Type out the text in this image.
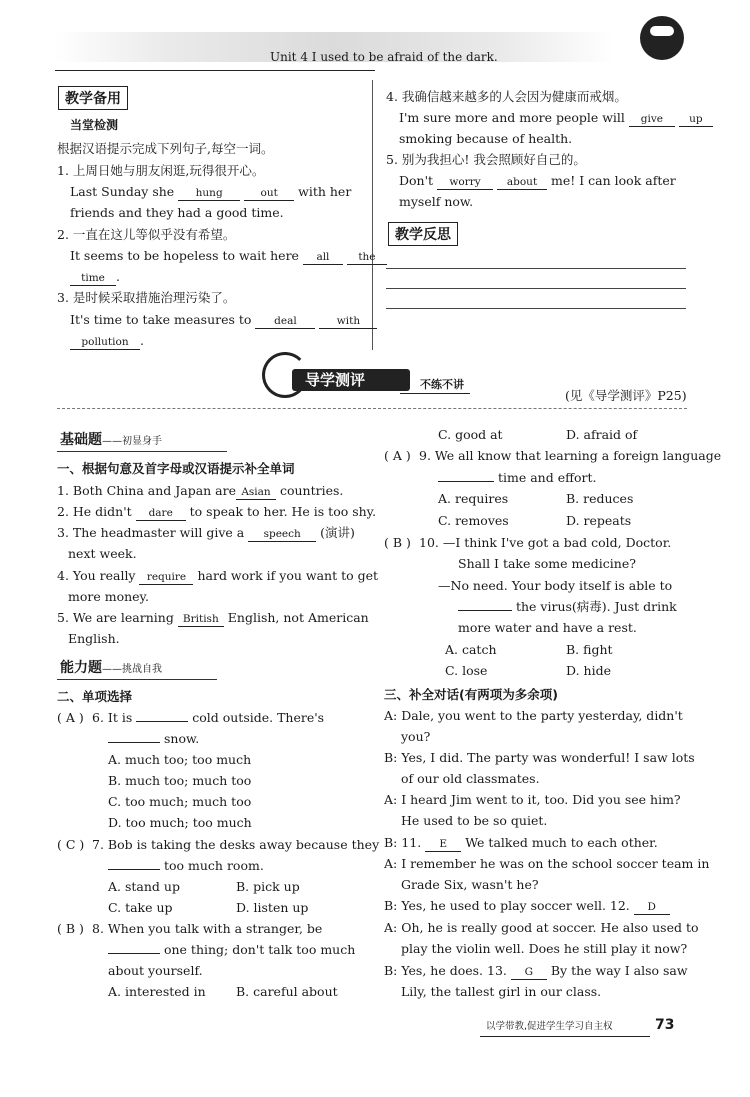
Unit 4 I used to be afraid of the dark.
教学备用
当堂检测
根据汉语提示完成下列句子,每空一词。
1. 上周日她与朋友闲逛,玩得很开心。
Last Sunday she hung	out with her
friends and they had a good time.
2. 一直在这儿等似乎没有希望。
It seems to be hopeless to wait here all	the
time .
3. 是时候采取措施治理污染了。
It's time to take measures to deal	with
pollution .
4. 我确信越来越多的人会因为健康而戒烟。
I'm sure more and more people will give up
smoking because of health.
5. 别为我担心! 我会照顾好自己的。
Don't worry about me! I can look after
myself now.
教学反思
导学测评	不练不讲
(见《导学测评》P25)
基础题——初显身手
一、根据句意及首字母或汉语提示补全单词
1. Both China and Japan are Asian countries.
2. He didn't dare to speak to her. He is too shy.
3. The headmaster will give a speech (演讲)
next week.
4. You really require hard work if you want to get
more money.
5. We are learning British English, not American
English.
能力题——挑战自我
二、单项选择
( A ) 6. It is	cold outside. There's
snow.
A. much too; too much
B. much too; much too
C. too much; much too
D. too much; too much
( C ) 7. Bob is taking the desks away because they
too much room.
A. stand up	B. pick up
C. take up	D. listen up
( B ) 8. When you talk with a stranger, be
one thing; don't talk too much
about yourself.
A. interested in B. careful about
C. good at	D. afraid of
( A ) 9. We all know that learning a foreign language
time and effort.
A. requires	B. reduces
C. removes	D. repeats
( B ) 10. —I think I've got a bad cold, Doctor.
Shall I take some medicine?
—No need. Your body itself is able to
the virus(病毒). Just drink
more water and have a rest.
A. catch	B. fight
C. lose	D. hide
三、补全对话(有两项为多余项)
A: Dale, you went to the party yesterday, didn't
you?
B: Yes, I did. The party was wonderful! I saw lots
of our old classmates.
A: I heard Jim went to it, too. Did you see him?
He used to be so quiet.
B: 11. E We talked much to each other.
A: I remember he was on the school soccer team in
Grade Six, wasn't he?
B: Yes, he used to play soccer well. 12. D
A: Oh, he is really good at soccer. He also used to
play the violin well. Does he still play it now?
B: Yes, he does. 13. G By the way I also saw
Lily, the tallest girl in our class.
以学带教,促进学生学习自主权	73
